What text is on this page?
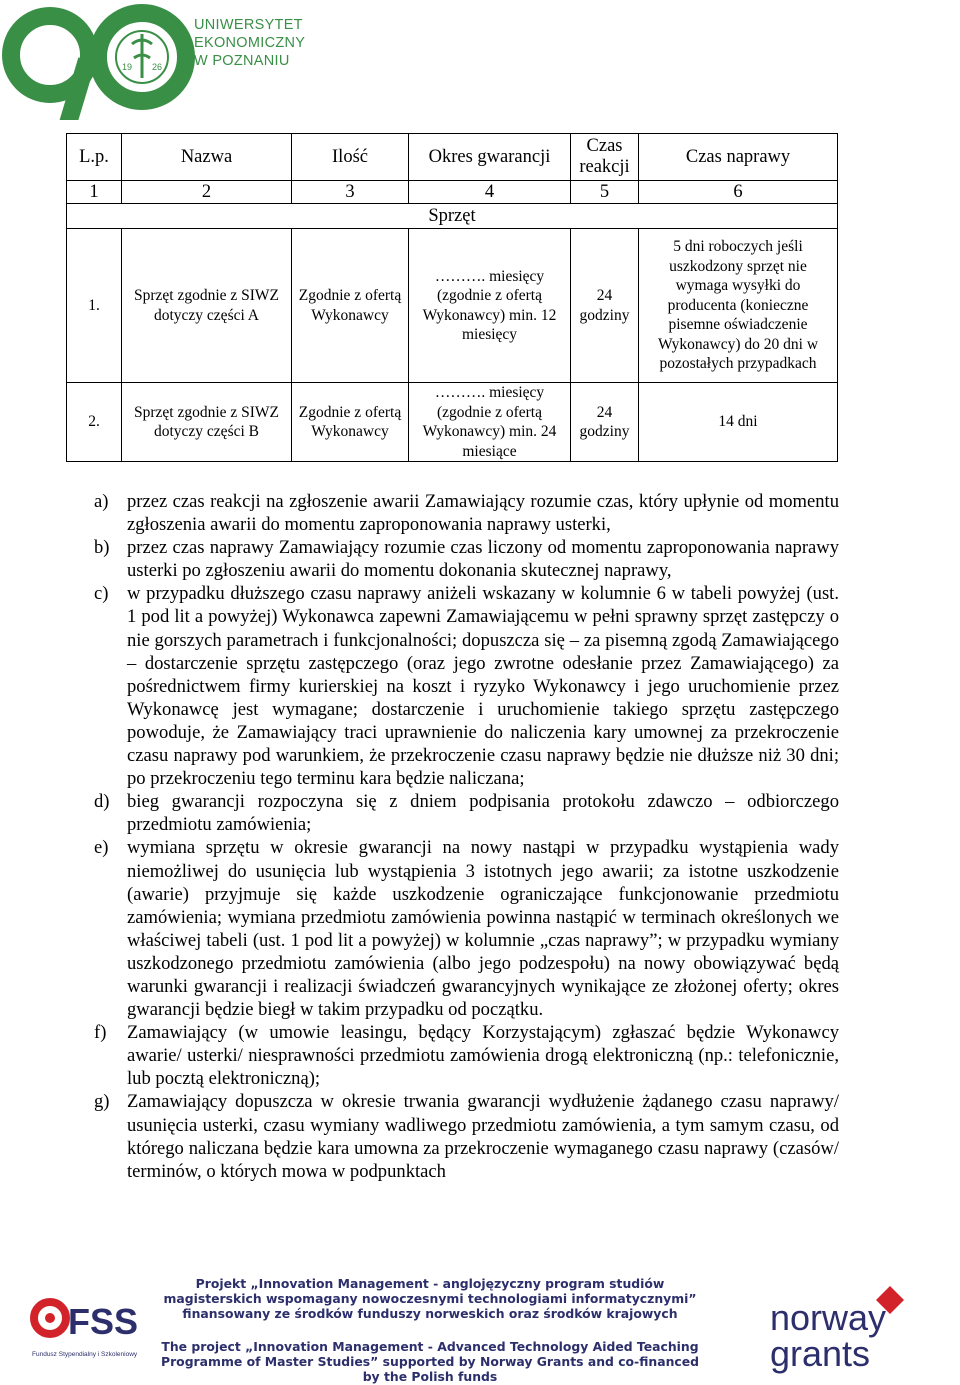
19 26
UNIWERSYTET
EKONOMICZNY
W POZNANIU
L.p.	Nazwa	Ilość	Okres gwarancji	Czas reakcji	Czas naprawy
1	2	3	4	5	6
Sprzęt					
1.	Sprzęt zgodnie z SIWZ dotyczy części A	Zgodnie z ofertą Wykonawcy	………. miesięcy (zgodnie z ofertą Wykonawcy) min. 12 miesięcy	24 godziny	5 dni roboczych jeśli uszkodzony sprzęt nie wymaga wysyłki do producenta (konieczne pisemne oświadczenie Wykonawcy) do 20 dni w pozostałych przypadkach
2.	Sprzęt zgodnie z SIWZ dotyczy części B	Zgodnie z ofertą Wykonawcy	………. miesięcy (zgodnie z ofertą Wykonawcy) min. 24 miesiące	24 godziny	14 dni
a) przez czas reakcji na zgłoszenie awarii Zamawiający rozumie czas, który upłynie od momentu zgłoszenia awarii do momentu zaproponowania naprawy usterki,
b) przez czas naprawy Zamawiający rozumie czas liczony od momentu zaproponowania naprawy usterki po zgłoszeniu awarii do momentu dokonania skutecznej naprawy,
c) w przypadku dłuższego czasu naprawy aniżeli wskazany w kolumnie 6 w tabeli powyżej (ust. 1 pod lit a powyżej) Wykonawca zapewni Zamawiającemu w pełni sprawny sprzęt zastępczy o nie gorszych parametrach i funkcjonalności; dopuszcza się – za pisemną zgodą Zamawiającego – dostarczenie sprzętu zastępczego (oraz jego zwrotne odesłanie przez Zamawiającego) za pośrednictwem firmy kurierskiej na koszt i ryzyko Wykonawcy i jego uruchomienie przez Wykonawcę jest wymagane; dostarczenie i uruchomienie takiego sprzętu zastępczego powoduje, że Zamawiający traci uprawnienie do naliczenia kary umownej za przekroczenie czasu naprawy pod warunkiem, że przekroczenie czasu naprawy będzie nie dłuższe niż 30 dni; po przekroczeniu tego terminu kara będzie naliczana;
d) bieg gwarancji rozpoczyna się z dniem podpisania protokołu zdawczo – odbiorczego przedmiotu zamówienia;
e) wymiana sprzętu w okresie gwarancji na nowy nastąpi w przypadku wystąpienia wady niemożliwej do usunięcia lub wystąpienia 3 istotnych jego awarii; za istotne uszkodzenie (awarie) przyjmuje się każde uszkodzenie ograniczające funkcjonowanie przedmiotu zamówienia; wymiana przedmiotu zamówienia powinna nastąpić w terminach określonych we właściwej tabeli (ust. 1 pod lit a powyżej) w kolumnie „czas naprawy”; w przypadku wymiany uszkodzonego przedmiotu zamówienia (albo jego podzespołu) na nowy obowiązywać będą warunki gwarancji i realizacji świadczeń gwarancyjnych wynikające ze złożonej oferty; okres gwarancji będzie biegł w takim przypadku od początku.
f)	Zamawiający (w umowie leasingu, będący Korzystającym) zgłaszać będzie Wykonawcy awarie/ usterki/ niesprawności przedmiotu zamówienia drogą elektroniczną (np.: telefonicznie, lub pocztą elektroniczną);
g) Zamawiający dopuszcza w okresie trwania gwarancji wydłużenie żądanego czasu naprawy/ usunięcia usterki, czasu wymiany wadliwego przedmiotu zamówienia, a tym samym czasu, od którego naliczana będzie kara umowna za przekroczenie wymaganego czasu naprawy (czasów/ terminów, o których mowa w podpunktach
FSS
Fundusz Stypendialny i Szkoleniowy
Projekt „Innovation Management - anglojęzyczny program studiów
magisterskich wspomagany nowoczesnymi technologiami informatycznymi”
finansowany ze środków funduszy norweskich oraz środków krajowych
The project „Innovation Management - Advanced Technology Aided Teaching
Programme of Master Studies” supported by Norway Grants and co-financed
by the Polish funds
norway
grants
